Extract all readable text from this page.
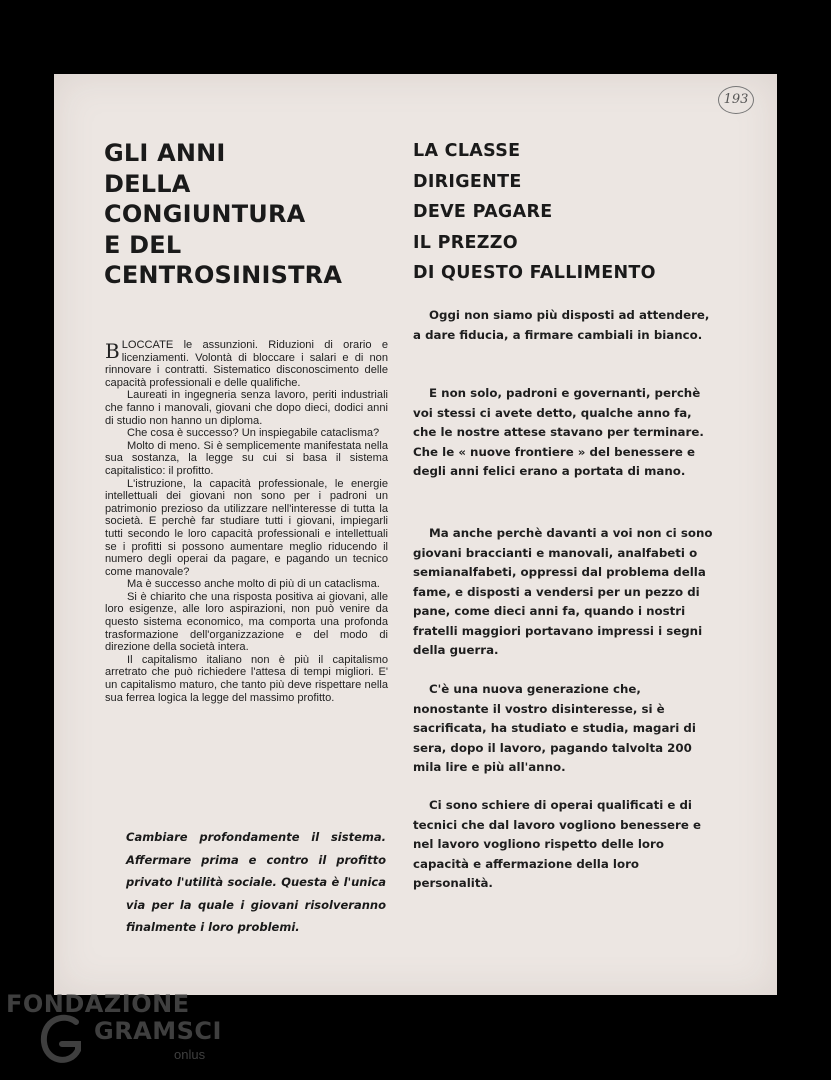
193
GLI ANNI
DELLA
CONGIUNTURA
E DEL
CENTROSINISTRA
LA CLASSE
DIRIGENTE
DEVE PAGARE
IL PREZZO
DI QUESTO FALLIMENTO

BLOCCATE le assunzioni. Riduzioni di orario e licenziamenti. Volontà di bloccare i salari e di non rinnovare i contratti. Sistematico disconoscimento delle capacità professionali e delle qualifiche.

Laureati in ingegneria senza lavoro, periti industriali che fanno i manovali, giovani che dopo dieci, dodici anni di studio non hanno un diploma.

Che cosa è successo? Un inspiegabile cataclisma?

Molto di meno. Si è semplicemente manifestata nella sua sostanza, la legge su cui si basa il sistema capitalistico: il profitto.

L'istruzione, la capacità professionale, le energie intellettuali dei giovani non sono per i padroni un patrimonio prezioso da utilizzare nell'interesse di tutta la società. E perchè far studiare tutti i giovani, impiegarli tutti secondo le loro capacità professionali e intellettuali se i profitti si possono aumentare meglio riducendo il numero degli operai da pagare, e pagando un tecnico come manovale?

Ma è successo anche molto di più di un cataclisma.

Si è chiarito che una risposta positiva ai giovani, alle loro esigenze, alle loro aspirazioni, non può venire da questo sistema economico, ma comporta una profonda trasformazione dell'organizzazione e del modo di direzione della società intera.

Il capitalismo italiano non è più il capitalismo arretrato che può richiedere l'attesa di tempi migliori. E' un capitalismo maturo, che tanto più deve rispettare nella sua ferrea logica la legge del massimo profitto.

Cambiare profondamente il sistema. Affermare prima e contro il profitto privato l'utilità sociale. Questa è l'unica via per la quale i giovani risolveranno finalmente i loro problemi.

Oggi non siamo più disposti ad attendere, a dare fiducia, a firmare cambiali in bianco.

E non solo, padroni e governanti, perchè voi stessi ci avete detto, qualche anno fa, che le nostre attese stavano per terminare. Che le « nuove frontiere » del benessere e degli anni felici erano a portata di mano.

Ma anche perchè davanti a voi non ci sono giovani braccianti e manovali, analfabeti o semianalfabeti, oppressi dal problema della fame, e disposti a vendersi per un pezzo di pane, come dieci anni fa, quando i nostri fratelli maggiori portavano impressi i segni della guerra.

C'è una nuova generazione che, nonostante il vostro disinteresse, si è sacrificata, ha studiato e studia, magari di sera, dopo il lavoro, pagando talvolta 200 mila lire e più all'anno.

Ci sono schiere di operai qualificati e di tecnici che dal lavoro vogliono benessere e nel lavoro vogliono rispetto delle loro capacità e affermazione della loro personalità.

FONDAZIONE

GRAMSCI

onlus
